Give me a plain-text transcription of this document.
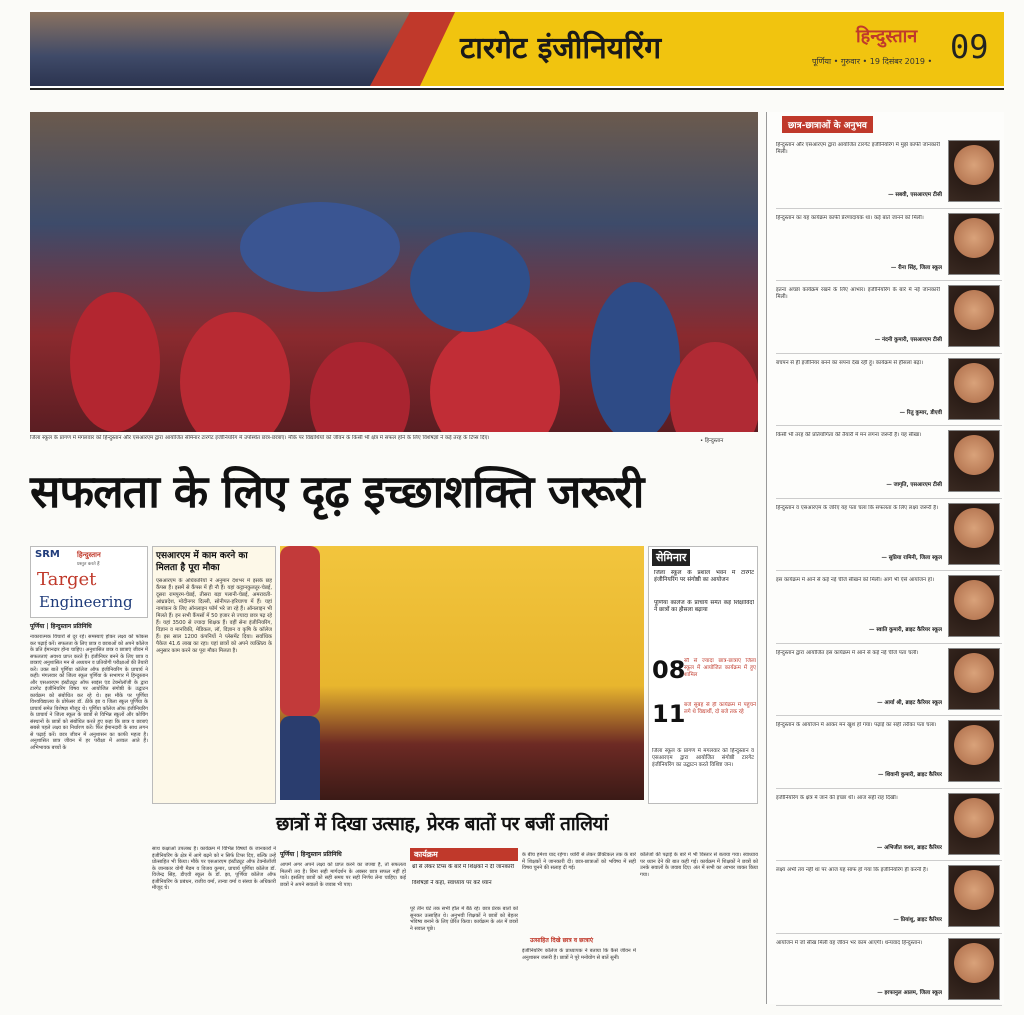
टारगेट इंजीनियरिंग	हिन्दुस्तान
पूर्णिया • गुरुवार • 19 दिसंबर 2019 • 09
जिला स्कूल के प्रांगण में मंगलवार को हिन्दुस्तान और एसआरएम द्वारा आयोजित सेमिनार टारगेट इंजीनियरिंग में उपस्थित छात्र-छात्राएं। मौके पर विद्यार्थियों को जीवन के किसी भी क्षेत्र में सफल होने के लिए विशेषज्ञों ने कई तरह के टिप्स दिए।	• हिन्दुस्तान
सफलता के लिए दृढ़ इच्छाशक्ति जरूरी
SRM हिन्दुस्तान
प्रस्तुत करते हैं
Target
Engineering
पूर्णिया | हिन्दुस्तान प्रतिनिधि
नाकारात्मक विचारों से दूर रहें। समस्याएं होकर लक्ष्य को फोकस कर पढ़ाई करें। सफलता के लिए छात्र व छात्राओं को अपने कॉलेज के प्रति ईमानदार होना चाहिए। अनुशासित छात्र व छात्राएं जीवन में सफलताएं अवश्य प्राप्त करते हैं। इंजीनियर बनने के लिए छात्र व छात्राएं अनुशासित मन से अध्ययन व प्रतियोगी परीक्षाओं की तैयारी करें। उक्त बातें पूर्णिया कॉलेज ऑफ इंजीनियरिंग के प्राचार्य ने कहीं। मंगलवार को जिला स्कूल पूर्णिया के सभागार में हिन्दुस्तान और एसआरएम इंस्टीट्यूट ऑफ साइंस एंड टेक्नोलॉजी के द्वारा टारगेट इंजीनियरिंग विषय पर आयोजित संगोष्ठी के उद्घाटन कार्यक्रम को संबोधित कर रहे थे। इस मौके पर पूर्णिया विश्वविद्यालय के प्रोफेसर डॉ. ठीके झा व जिला स्कूल पूर्णिया के प्राचार्य समेत विशेषज्ञ मौजूद थे। पूर्णिया कॉलेज ऑफ इंजीनियरिंग के प्राचार्य ने जिला स्कूल के छात्रों से विभिन्न स्कूलों और कोचिंग संस्थानों के छात्रों को संबोधित करते हुए कहा कि छात्र व छात्राएं सबसे पहले लक्ष्य का निर्धारण करें। फिर ईमानदारी के साथ लगन से पढ़ाई करें। छात्र जीवन में अनुशासन का काफी महत्व है। अनुशासित छात्र जीवन में हर परीक्षा में अव्वल आते हैं। अभिभावक बच्चों के
एसआरएम में काम करने का मिलता है पूरा मौका
एसआरएम के अधिकारियों ने अनुमान देशभर में इसके छह कैंपस हैं। इसमें से कैंपस में ही नौ हैं। यहां कट्टानकुलतूर-चेन्नई, दूसरा रामपुरम-चेन्नई, तीसरा बड़ा पलानी-चेन्नई, अमरावती-आंध्रप्रदेश, मोदीनगर दिल्ली, सोनीपत-हरियाणा में हैं। यहां नामांकन के लिए ऑनलाइन फॉर्म भरे जा रहे हैं। ऑनलाइन भी मिलते हैं। इन सभी कैंपसों में 50 हजार से ज्यादा छात्र पढ़ रहे हैं। यहां 3500 से ज्यादा शिक्षक हैं। वहीं सेना इंजीनियरिंग, विज्ञान व मानविकी, मेडिकल, लॉ, विज्ञान व कृषि के कॉलेज हैं। इस साल 1200 कंपनियों ने प्लेसमेंट दिया। सर्वाधिक पैकेज 41.6 लाख का रहा। यहां छात्रों को अपने व्यक्तित्व के अनुसार काम करने का पूरा मौका मिलता है।
सेमिनार
जिला स्कूल के प्रशाल भवन में टारगेट इंजीनियरिंग पर संगोष्ठी का आयोजन
पूर्णिया कॉलेज के प्राचार्य समेत कई शिक्षाविदों ने छात्रों का हौसला बढ़ाया
08
सौ से ज्यादा छात्र-छात्राएं जिला स्कूल में आयोजित कार्यक्रम में हुए शामिल
11
बजे सुबह से ही कार्यक्रम में पहुंचने लगे थे विद्यार्थी, दो बजे तक रहे
जिला स्कूल के प्रांगण में मंगलवार को हिन्दुस्तान व एसआरएम द्वारा आयोजित संगोष्ठी टारगेट इंजीनियरिंग का उद्घाटन करते विशिष्ट जन।
छात्रों में दिखा उत्साह, प्रेरक बातों पर बजीं तालियां
साथ कक्षाओं उपलब्ध है। कार्यक्रम में विभिन्न विषयों के जानकारों ने इंजीनियरिंग के क्षेत्र में आगे बढ़ने को न सिर्फ टिप्स दिए, बल्कि उन्हें प्रोत्साहित भी किया। मौके पर एसआरएम इंस्टीट्यूट ऑफ टेक्नोलॉजी के जानकार योगी मैडम व विजय कुमार, प्राचार्य पूर्णिया कॉलेज डॉ. विजेन्द्र सिंह, डीएवी स्कूल के डॉ. झा, पूर्णिया कॉलेज ऑफ इंजीनियरिंग के प्रबंधन, राजीव वर्मा, तान्या वर्मा व संस्था के अधिकारी मौजूद थे।
पूर्णिया | हिन्दुस्तान प्रतिनिधि
आपमें अगर अपने लक्ष्य को प्राप्त करने का जज्बा है, तो सफलता मिलनी तय है। बिना सही मार्गदर्शन के अक्सर छात्र सफल नहीं हो पाते। इसलिए छात्रों को सही समय पर सही निर्णय लेना चाहिए। कई छात्रों ने अपने सवालों के जवाब भी पाए।
कार्यक्रम
थ्री से लेकर टिप्स के बारे में शिक्षकों ने दी जानकारी
विशेषज्ञों ने कहा, स्वाध्याय पर करें ध्यान
पूरे तीन घंटे तक सभी हॉल में बैठे रहे। छात्र प्रेरक बातों को सुनकर उत्साहित थे। अनुभवी शिक्षकों ने छात्रों को बेहतर भविष्य बनाने के लिए प्रेरित किया। कार्यक्रम के अंत में छात्रों ने सवाल पूछे।
के बीच हमेशा याद रहेगा। थ्योरी से लेकर प्रैक्टिकल तक के बारे में शिक्षकों ने जानकारी दी। छात्र-छात्राओं को भविष्य में सही विषय चुनने की सलाह दी गई।
उत्साहित दिखे छात्र व छात्राएं
इंजीनियरिंग कॉलेज के प्राध्यापक ने बताया कि कैसे जीवन में अनुशासन जरूरी है। छात्रों ने पूरे मनोयोग से बातें सुनीं।
कॉलेजों की पढ़ाई के बारे में भी विस्तार से बताया गया। स्वाध्याय पर ध्यान देने की बात कही गई। कार्यक्रम में शिक्षकों ने छात्रों को उनके सवालों के जवाब दिए। अंत में सभी का आभार व्यक्त किया गया।
छात्र-छात्राओं के अनुभव
हिन्दुस्तान और एसआरएम द्वारा आयोजित टारगेट इंजीनियरिंग में मुझे काफी जानकारी मिली।
— सबवी, एसआरएम टीसी
हिन्दुस्तान का यह कार्यक्रम काफी प्रेरणादायक था। कई बातें जानने को मिलीं।
— रीना सिंह, जिला स्कूल
इतना अच्छा कार्यक्रम रखने के लिए आभार। इंजीनियरिंग के बारे में नई जानकारी मिली।
— नंदनी कुमारी, एसआरएम टीसी
बचपन से ही इंजीनियर बनने का सपना देख रही हूं। कार्यक्रम से हौसला बढ़ा।
— रितु कुमार, डीएवी
किसी भी तरह की प्रतियोगिता की तैयारी में मन लगना जरूरी है। यह सीखा।
— जागृति, एसआरएम टीसी
हिन्दुस्तान व एसआरएम के जरिए यह पता चला कि सफलता के लिए लक्ष्य जरूरी है।
— सुप्रिया रामिनी, जिला स्कूल
इस कार्यक्रम में आने से कई नई चीजें सीखने को मिलीं। आगे भी ऐसे आयोजन हों।
— स्वाति कुमारी, ब्राइट कैरियर स्कूल
हिन्दुस्तान द्वारा आयोजित इस कार्यक्रम में आने से कई नई चीजें पता चलीं।
— आर्या श्री, ब्राइट कैरियर स्कूल
हिन्दुस्तान के आयोजन में आकर मन खुश हो गया। पढ़ाई का सही तरीका पता चला।
— शिवानी कुमारी, ब्राइट कैरियर
इंजीनियरिंग के क्षेत्र में जाने की इच्छा थी। आज सही राह दिखी।
— अभिजीत कश्य, ब्राइट कैरियर
लक्ष्य अभी तय नहीं था पर आज यह साफ हो गया कि इंजीनियरिंग ही करनी है।
— प्रियांशु, ब्राइट कैरियर
आयोजन में जो सीख मिली वह जीवन भर काम आएगी। धन्यवाद हिन्दुस्तान।
— इरफानुल आलम, जिला स्कूल
